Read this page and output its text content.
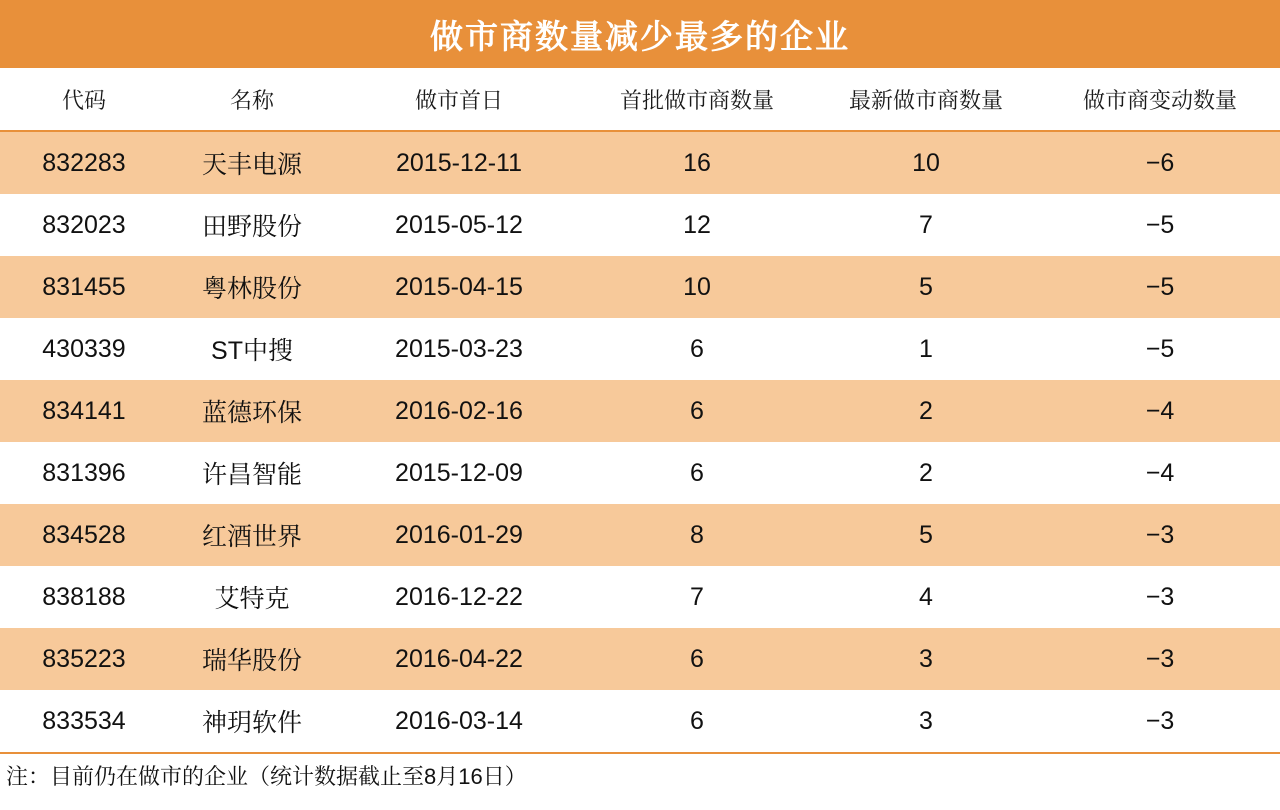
做市商数量减少最多的企业
代码	名称	做市首日	首批做市商数量	最新做市商数量	做市商变动数量
832283	天丰电源	2015-12-11	16	10	−6
832023	田野股份	2015-05-12	12	7	−5
831455	粤林股份	2015-04-15	10	5	−5
430339	ST中搜	2015-03-23	6	1	−5
834141	蓝德环保	2016-02-16	6	2	−4
831396	许昌智能	2015-12-09	6	2	−4
834528	红酒世界	2016-01-29	8	5	−3
838188	艾特克	2016-12-22	7	4	−3
835223	瑞华股份	2016-04-22	6	3	−3
833534	神玥软件	2016-03-14	6	3	−3
注：目前仍在做市的企业（统计数据截止至8月16日）
